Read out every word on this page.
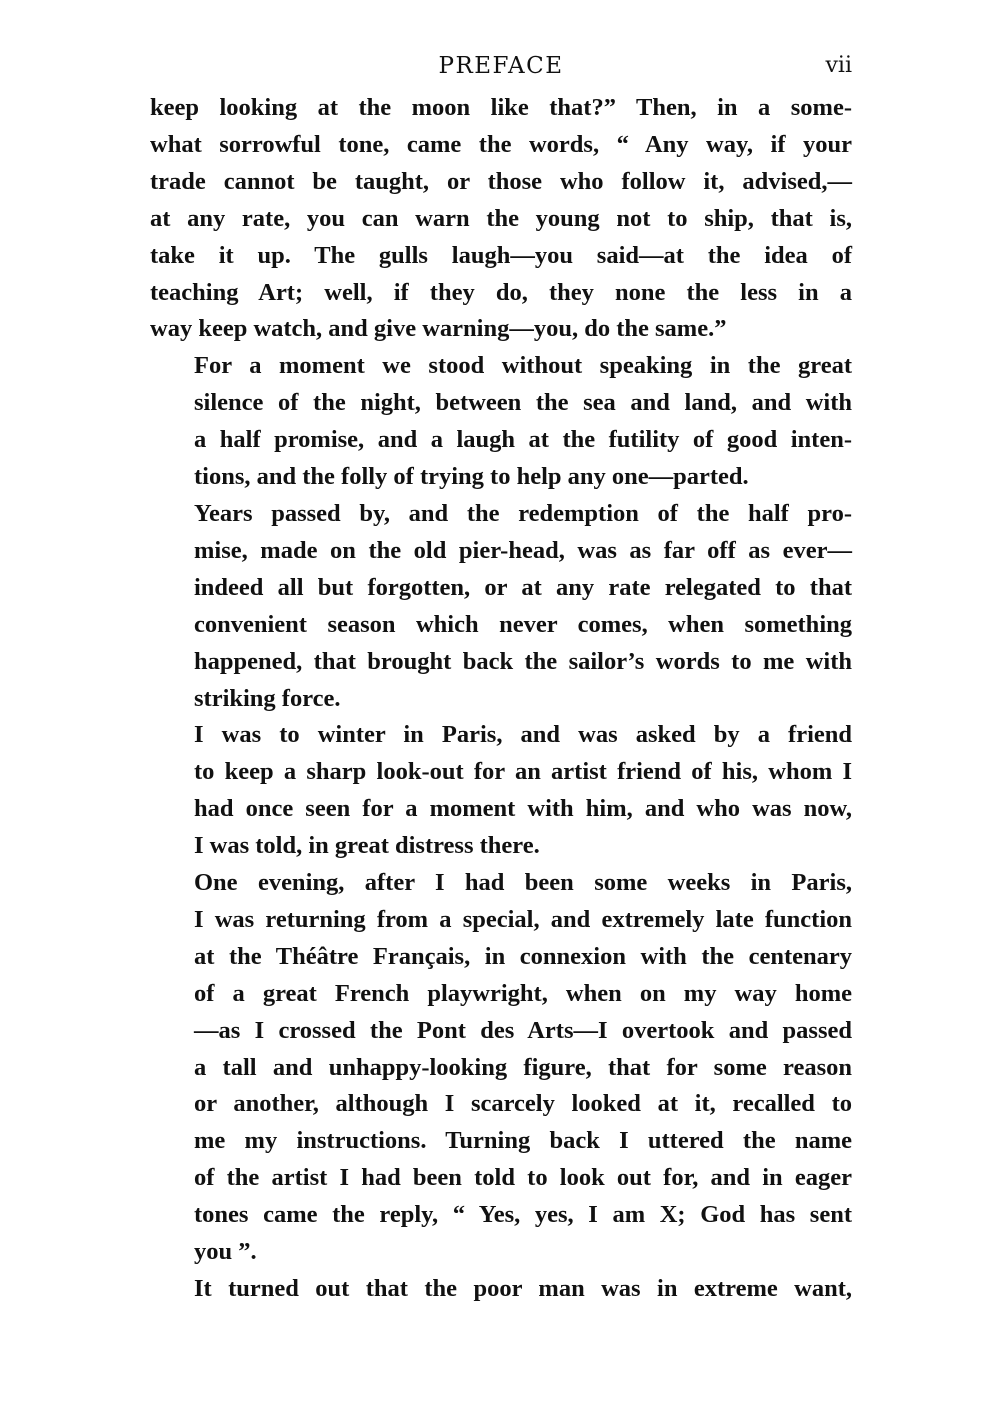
PREFACE	vii

keep looking at the moon like that?” Then, in a some-
what sorrowful tone, came the words, “ Any way, if your
trade cannot be taught, or those who follow it, advised,—
at any rate, you can warn the young not to ship, that is,
take it up. The gulls laugh—you said—at the idea of
teaching Art; well, if they do, they none the less in a
way keep watch, and give warning—you, do the same.”

For a moment we stood without speaking in the great
silence of the night, between the sea and land, and with
a half promise, and a laugh at the futility of good inten-
tions, and the folly of trying to help any one—parted.

Years passed by, and the redemption of the half pro-
mise, made on the old pier-head, was as far off as ever—
indeed all but forgotten, or at any rate relegated to that
convenient season which never comes, when something
happened, that brought back the sailor’s words to me with
striking force.

I was to winter in Paris, and was asked by a friend
to keep a sharp look-out for an artist friend of his, whom I
had once seen for a moment with him, and who was now,
I was told, in great distress there.

One evening, after I had been some weeks in Paris,
I was returning from a special, and extremely late function
at the Théâtre Français, in connexion with the centenary
of a great French playwright, when on my way home
—as I crossed the Pont des Arts—I overtook and passed
a tall and unhappy-looking figure, that for some reason
or another, although I scarcely looked at it, recalled to
me my instructions. Turning back I uttered the name
of the artist I had been told to look out for, and in eager
tones came the reply, “ Yes, yes, I am X; God has sent
you ”.

It turned out that the poor man was in extreme want,
